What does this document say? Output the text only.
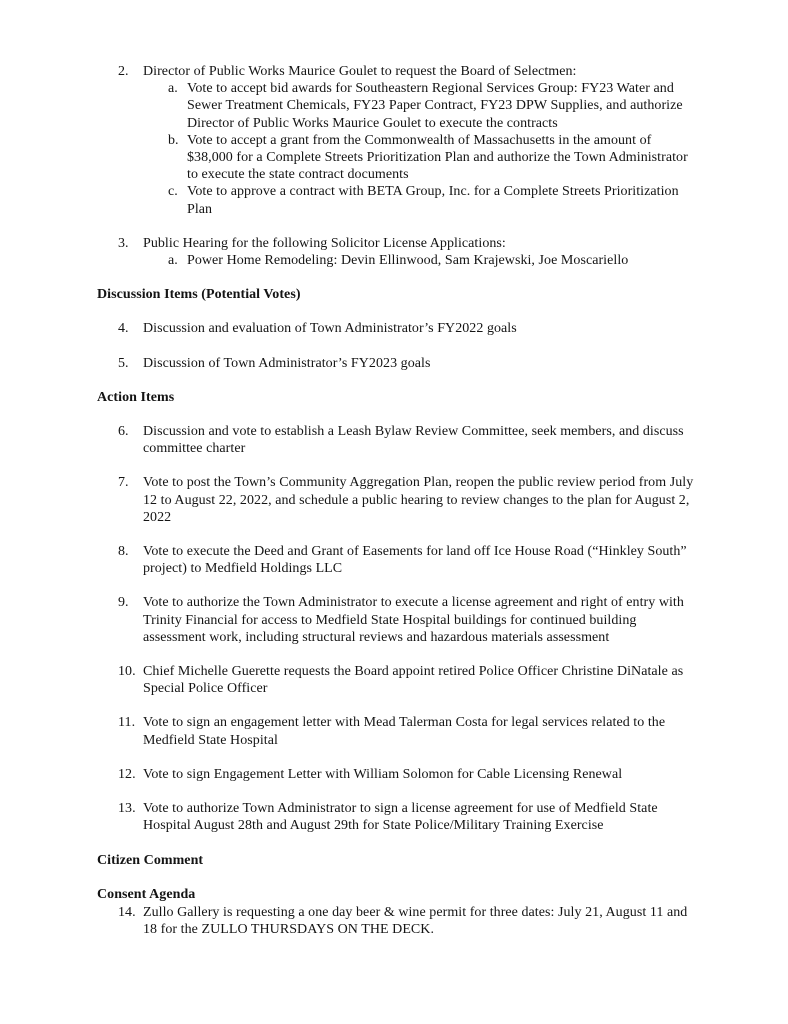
2.	Director of Public Works Maurice Goulet to request the Board of Selectmen:
a. Vote to accept bid awards for Southeastern Regional Services Group: FY23 Water and Sewer Treatment Chemicals, FY23 Paper Contract, FY23 DPW Supplies, and authorize Director of Public Works Maurice Goulet to execute the contracts
b. Vote to accept a grant from the Commonwealth of Massachusetts in the amount of $38,000 for a Complete Streets Prioritization Plan and authorize the Town Administrator to execute the state contract documents
c. Vote to approve a contract with BETA Group, Inc. for a Complete Streets Prioritization Plan
3.	Public Hearing for the following Solicitor License Applications:
a. Power Home Remodeling: Devin Ellinwood, Sam Krajewski, Joe Moscariello
Discussion Items (Potential Votes)
4.	Discussion and evaluation of Town Administrator’s FY2022 goals
5.	Discussion of Town Administrator’s FY2023 goals
Action Items
6.	Discussion and vote to establish a Leash Bylaw Review Committee, seek members, and discuss committee charter
7.	Vote to post the Town’s Community Aggregation Plan, reopen the public review period from July 12 to August 22, 2022, and schedule a public hearing to review changes to the plan for August 2, 2022
8.	Vote to execute the Deed and Grant of Easements for land off Ice House Road (“Hinkley South” project) to Medfield Holdings LLC
9.	Vote to authorize the Town Administrator to execute a license agreement and right of entry with Trinity Financial for access to Medfield State Hospital buildings for continued building assessment work, including structural reviews and hazardous materials assessment
10. Chief Michelle Guerette requests the Board appoint retired Police Officer Christine DiNatale as Special Police Officer
11. Vote to sign an engagement letter with Mead Talerman Costa for legal services related to the Medfield State Hospital
12. Vote to sign Engagement Letter with William Solomon for Cable Licensing Renewal
13. Vote to authorize Town Administrator to sign a license agreement for use of Medfield State Hospital August 28th and August 29th for State Police/Military Training Exercise
Citizen Comment
Consent Agenda
14. Zullo Gallery is requesting a one day beer & wine permit for three dates: July 21, August 11 and 18 for the ZULLO THURSDAYS ON THE DECK.
